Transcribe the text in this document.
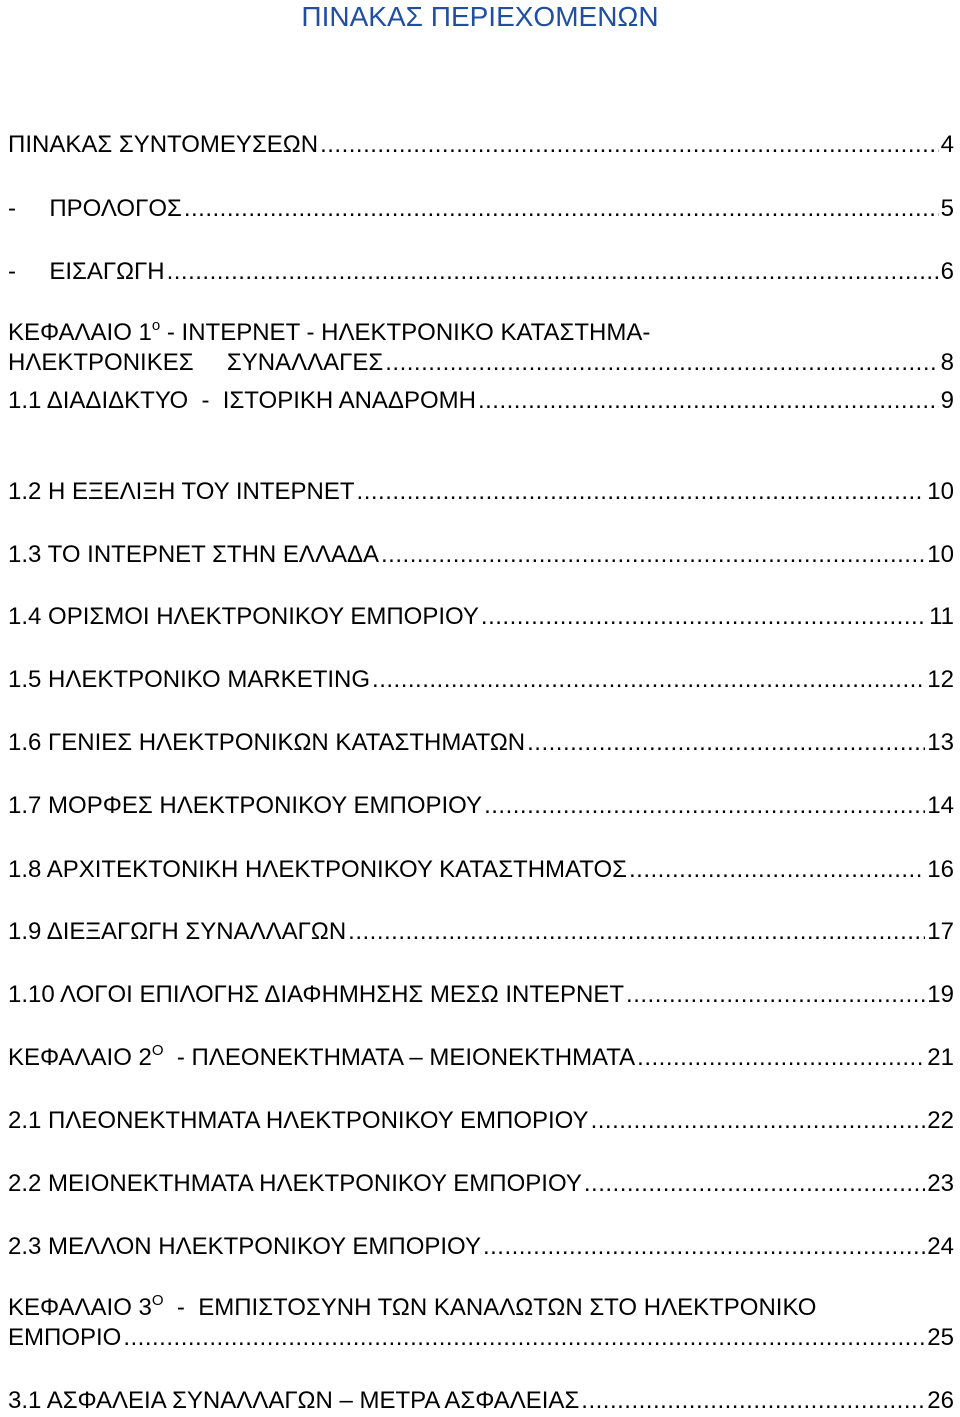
ΠΙΝΑΚΑΣ ΠΕΡΙΕΧΟΜΕΝΩΝ
ΠΙΝΑΚΑΣ ΣΥΝΤΟΜΕΥΣΕΩΝ .....	4
-     ΠΡΟΛΟΓΟΣ .....	5
-     ΕΙΣΑΓΩΓΗ .....	6
ΚΕΦΑΛΑΙΟ $1^o$ - ΙΝΤΕΡΝΕΤ - ΗΛΕΚΤΡΟΝΙΚΟ ΚΑΤΑΣΤΗΜΑ-
ΗΛΕΚΤΡΟΝΙΚΕΣ     ΣΥΝΑΛΛΑΓΕΣ .....	8
1.1 ΔΙΑΔΙΔΚΤΥΟ  -  ΙΣΤΟΡΙΚΗ ΑΝΑΔΡΟΜΗ .....	9
1.2 Η ΕΞΕΛΙΞΗ ΤΟΥ ΙΝΤΕΡΝΕΤ .....	10
1.3 ΤΟ ΙΝΤΕΡΝΕΤ ΣΤΗΝ ΕΛΛΑΔΑ .....	10
1.4 ΟΡΙΣΜΟΙ ΗΛΕΚΤΡΟΝΙΚΟΥ ΕΜΠΟΡΙΟΥ .....	11
1.5 ΗΛΕΚΤΡΟΝΙΚΟ MARKETING .....	12
1.6 ΓΕΝΙΕΣ ΗΛΕΚΤΡΟΝΙΚΩΝ ΚΑΤΑΣΤΗΜΑΤΩΝ .....	13
1.7 ΜΟΡΦΕΣ ΗΛΕΚΤΡΟΝΙΚΟΥ ΕΜΠΟΡΙΟΥ .....	14
1.8 ΑΡΧΙΤΕΚΤΟΝΙΚΗ ΗΛΕΚΤΡΟΝΙΚΟΥ ΚΑΤΑΣΤΗΜΑΤΟΣ .....	16
1.9 ΔΙΕΞΑΓΩΓΗ ΣΥΝΑΛΛΑΓΩΝ .....	17
1.10 ΛΟΓΟΙ ΕΠΙΛΟΓΗΣ ΔΙΑΦΗΜΗΣΗΣ ΜΕΣΩ ΙΝΤΕΡΝΕΤ .....	19
ΚΕΦΑΛΑΙΟ $2^O$  - ΠΛΕΟΝΕΚΤΗΜΑΤΑ – ΜΕΙΟΝΕΚΤΗΜΑΤΑ .....	21
2.1 ΠΛΕΟΝΕΚΤΗΜΑΤΑ ΗΛΕΚΤΡΟΝΙΚΟΥ ΕΜΠΟΡΙΟΥ .....	22
2.2 ΜΕΙΟΝΕΚΤΗΜΑΤΑ ΗΛΕΚΤΡΟΝΙΚΟΥ ΕΜΠΟΡΙΟΥ .....	23
2.3 ΜΕΛΛΟΝ ΗΛΕΚΤΡΟΝΙΚΟΥ ΕΜΠΟΡΙΟΥ .....	24
ΚΕΦΑΛΑΙΟ $3^O$  -  ΕΜΠΙΣΤΟΣΥΝΗ ΤΩΝ ΚΑΝΑΛΩΤΩΝ ΣΤΟ ΗΛΕΚΤΡΟΝΙΚΟ
ΕΜΠΟΡΙΟ .....	25
3.1 ΑΣΦΑΛΕΙΑ ΣΥΝΑΛΛΑΓΩΝ – ΜΕΤΡΑ ΑΣΦΑΛΕΙΑΣ .....	26
